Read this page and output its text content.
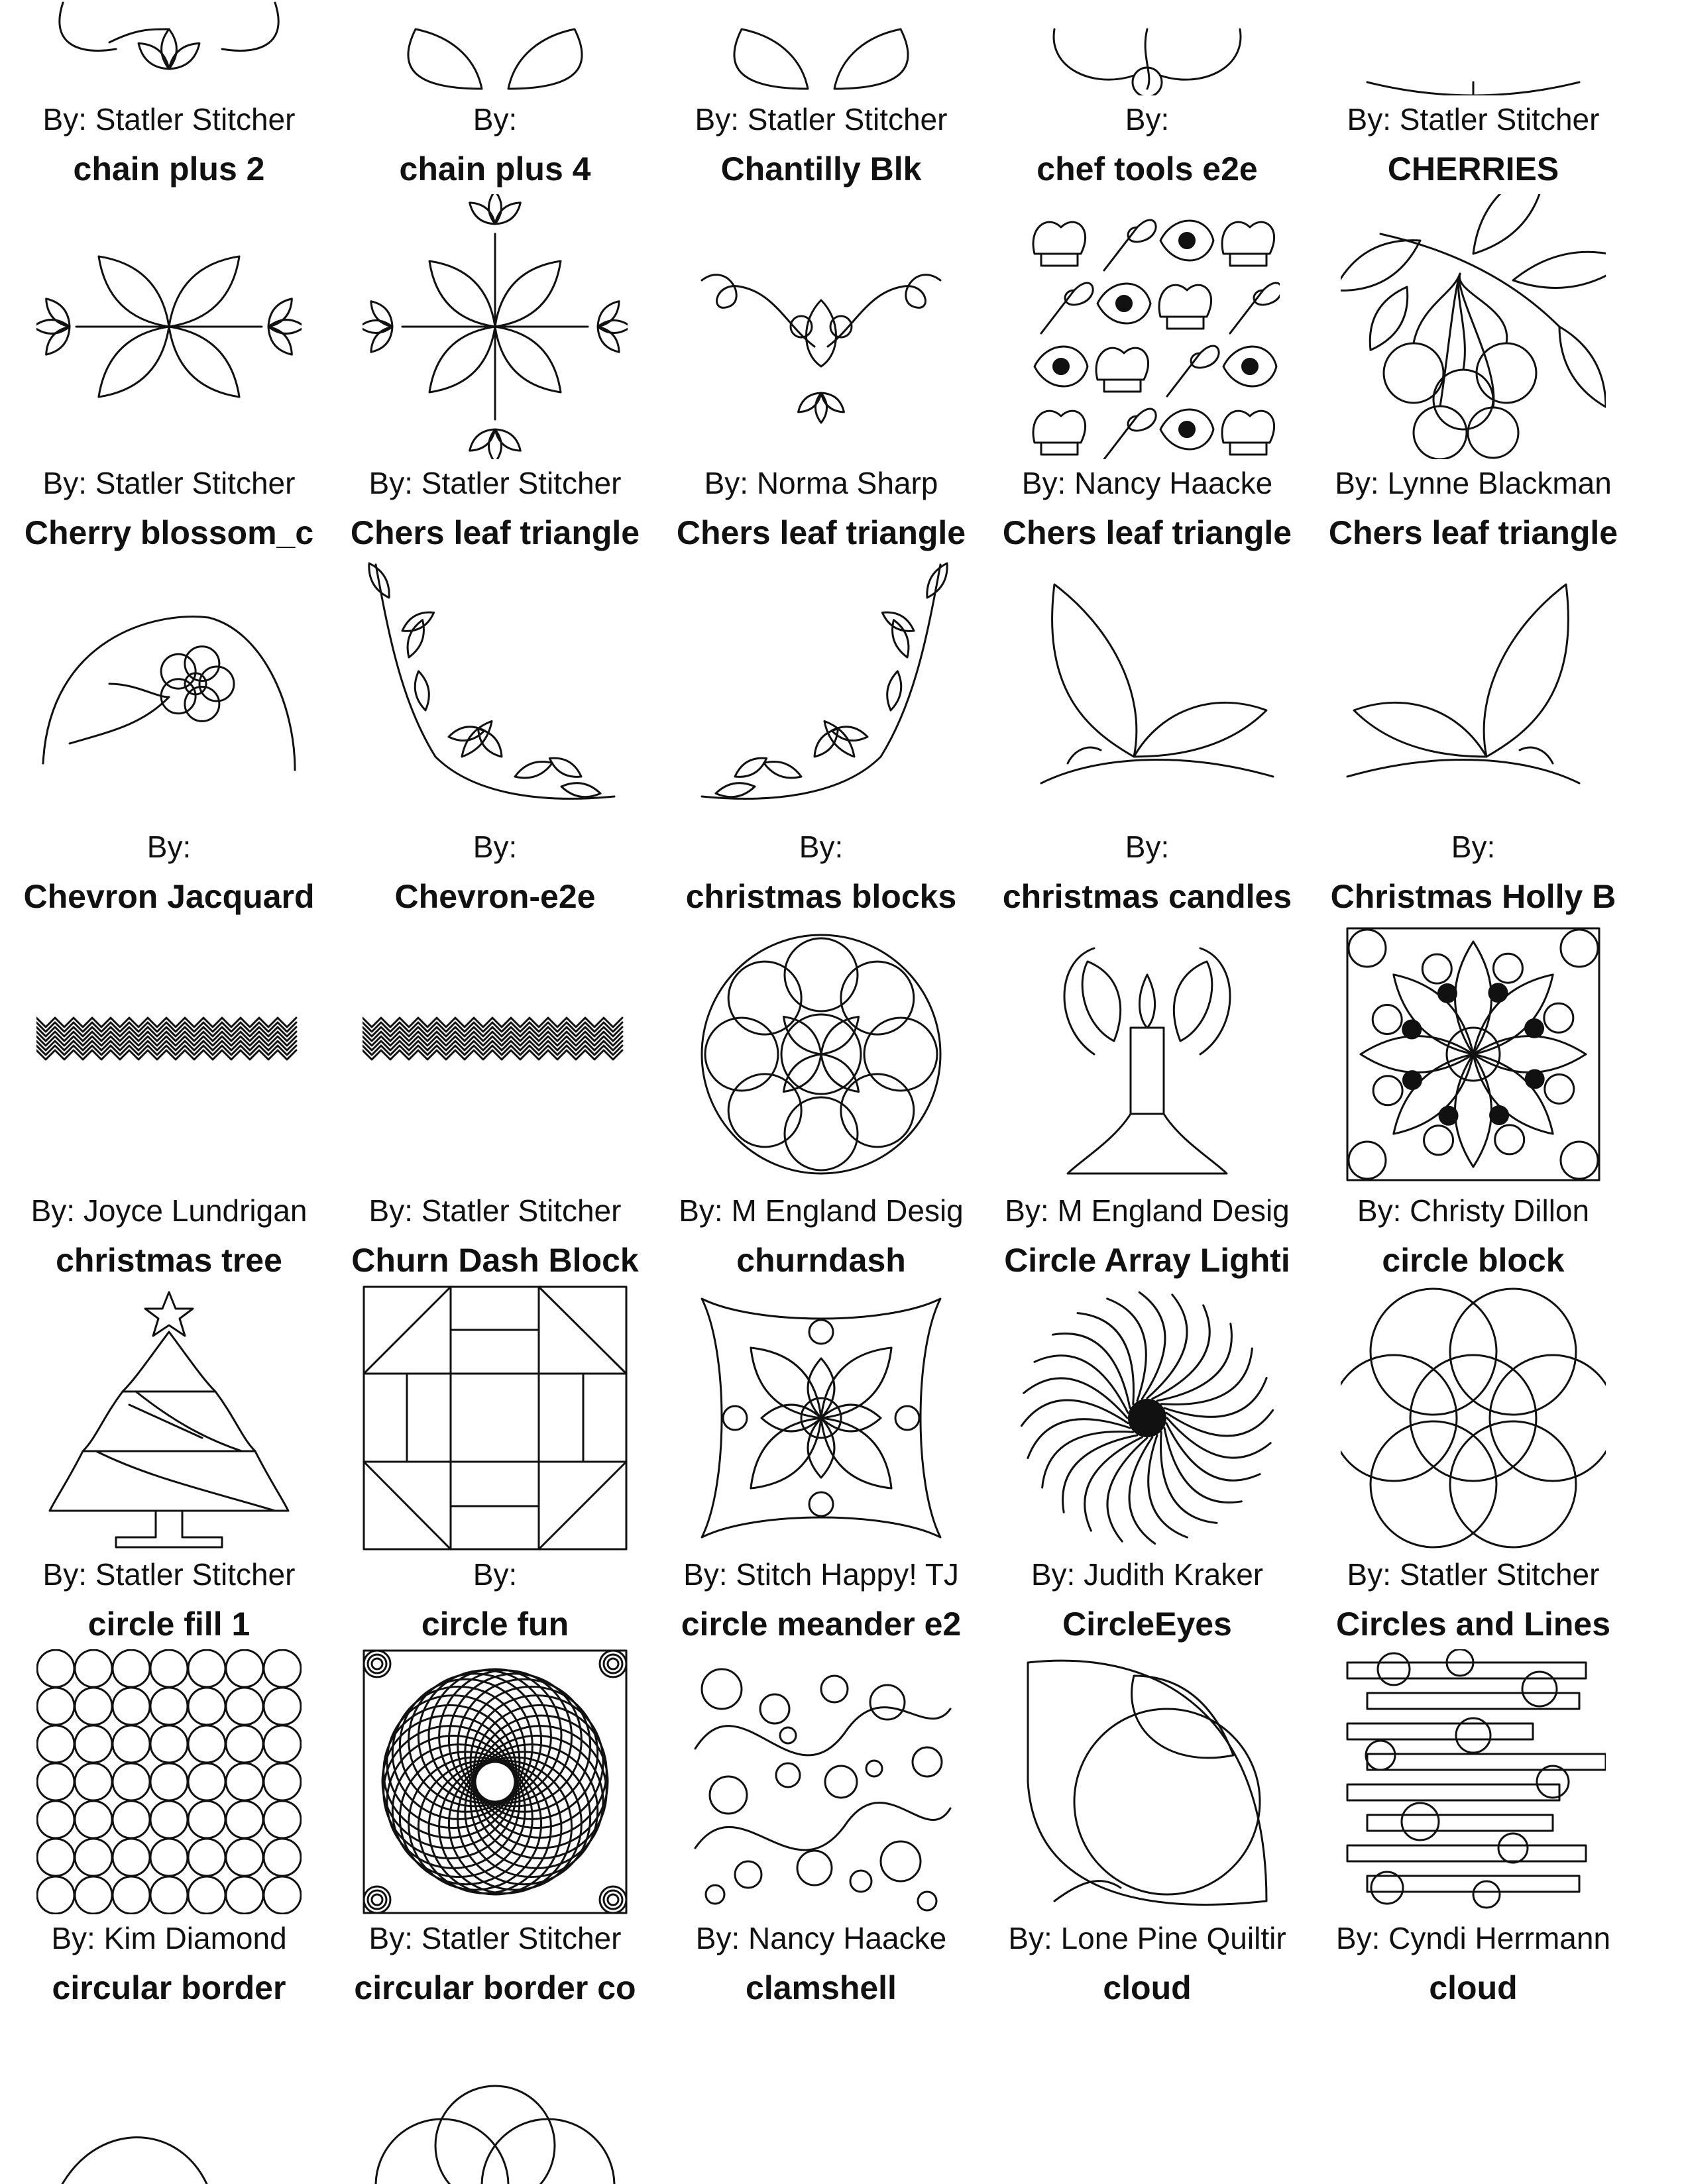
By: Statler Stitcher	By:	By: Statler Stitcher	By:	By: Statler Stitcher
chain plus 2
By: Statler Stitcher
chain plus 4
By: Statler Stitcher
Chantilly Blk
By: Norma Sharp
chef tools e2e
By: Nancy Haacke
CHERRIES
By: Lynne Blackman
Cherry blossom_c
By:
Chers leaf triangle
By:
Chers leaf triangle
By:
Chers leaf triangle
By:
Chers leaf triangle
By:
Chevron Jacquard
By: Joyce Lundrigan
Chevron-e2e
By: Statler Stitcher
christmas blocks
By: M England Desig
christmas candles
By: M England Desig
Christmas Holly B
By: Christy Dillon
christmas tree
By: Statler Stitcher
Churn Dash Block
By:
churndash
By: Stitch Happy! TJ
Circle Array Lighti
By: Judith Kraker
circle block
By: Statler Stitcher
circle fill 1
By: Kim Diamond
circle fun
By: Statler Stitcher
circle meander e2
By: Nancy Haacke
CircleEyes
By: Lone Pine Quiltir
Circles and Lines
By: Cyndi Herrmann
circular border	circular border co	clamshell	cloud	cloud
